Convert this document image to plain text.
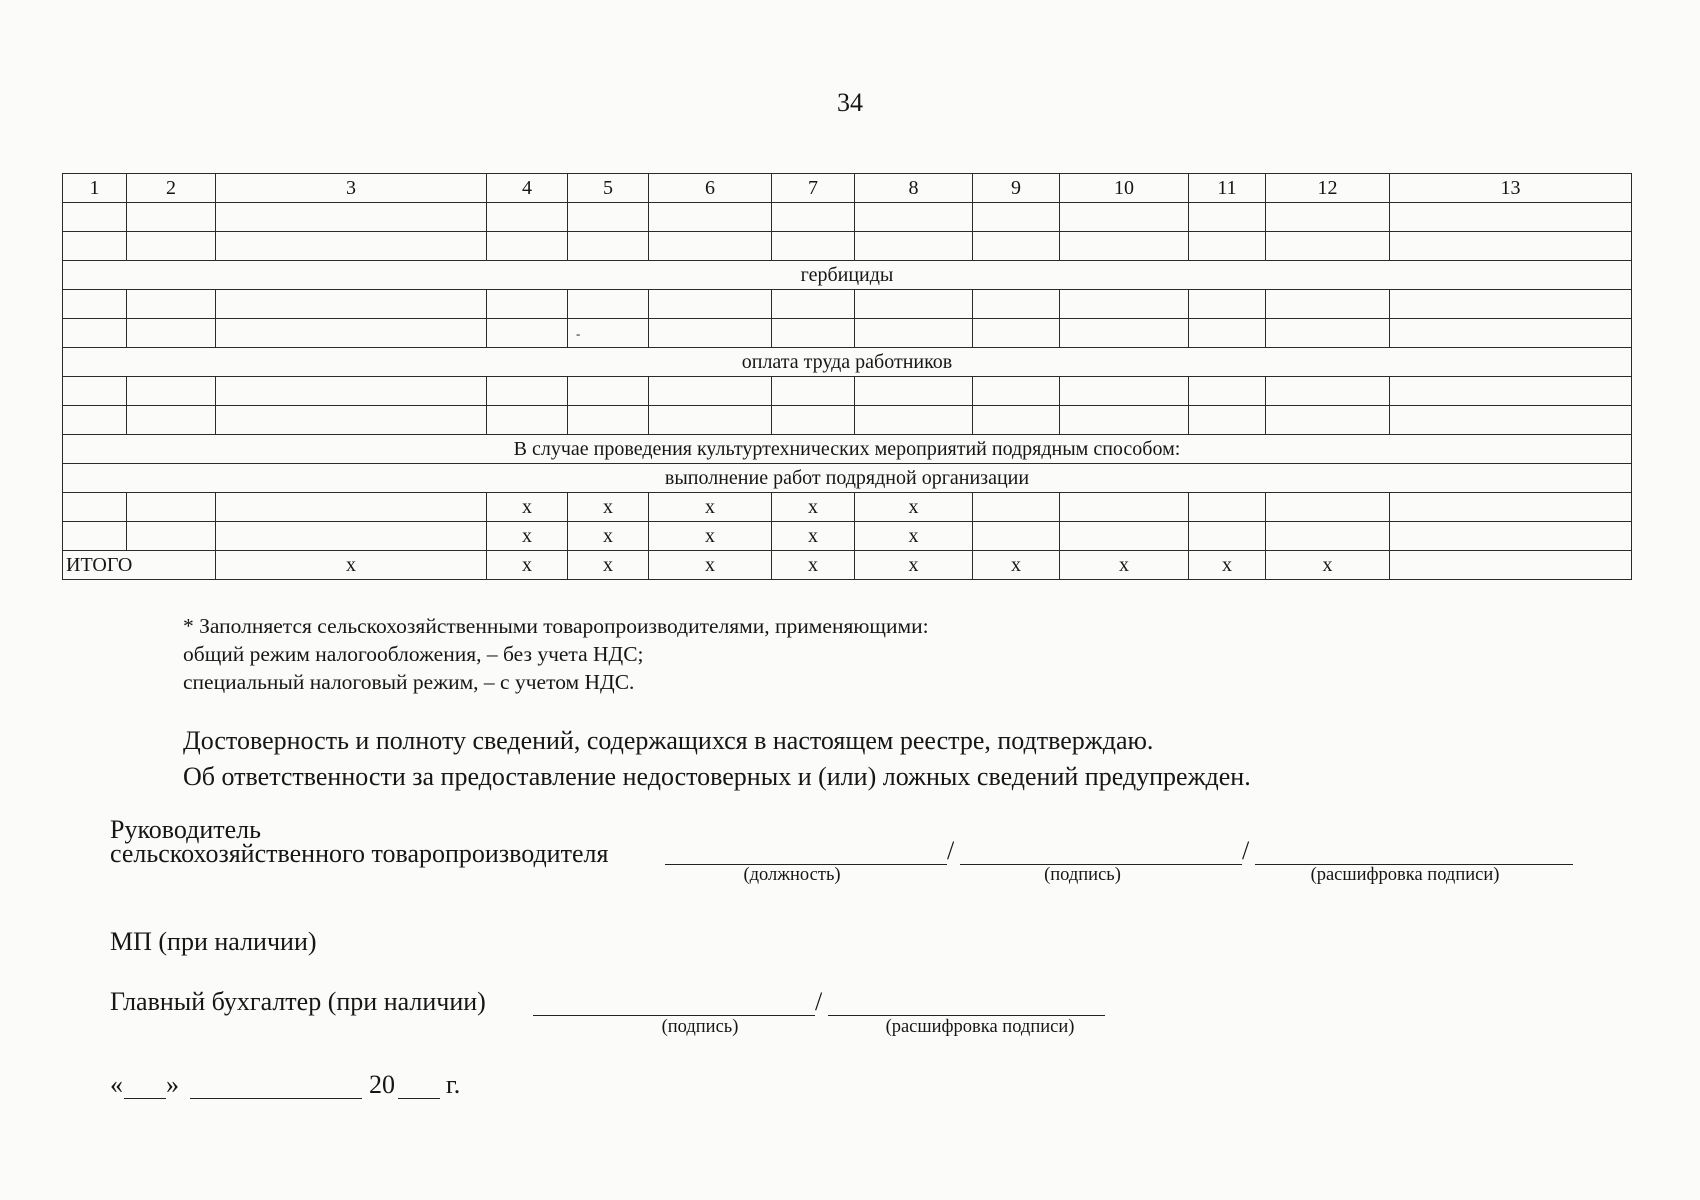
34
1	2	3	4	5	6	7	8	9	10	11	12	13

гербициды												

				-								
оплата труда работников												

В случае проведения культуртехнических мероприятий подрядным способом:												
выполнение работ подрядной организации												
			x	x	x	x	x					
			x	x	x	x	x					
ИТОГО		x	x	x	x	x	x	x	x	x	x	
* Заполняется сельскохозяйственными товаропроизводителями, применяющими:
общий режим налогообложения, – без учета НДС;
специальный налоговый режим, – с учетом НДС.
Достоверность и полноту сведений, содержащихся в настоящем реестре, подтверждаю.
Об ответственности за предоставление недостоверных и (или) ложных сведений предупрежден.
Руководитель
сельскохозяйственного товаропроизводителя	/	/
(должность)	(подпись)	(расшифровка подписи)
МП (при наличии)
Главный бухгалтер (при наличии)	/
(подпись)	(расшифровка подписи)
« »	20 г.
